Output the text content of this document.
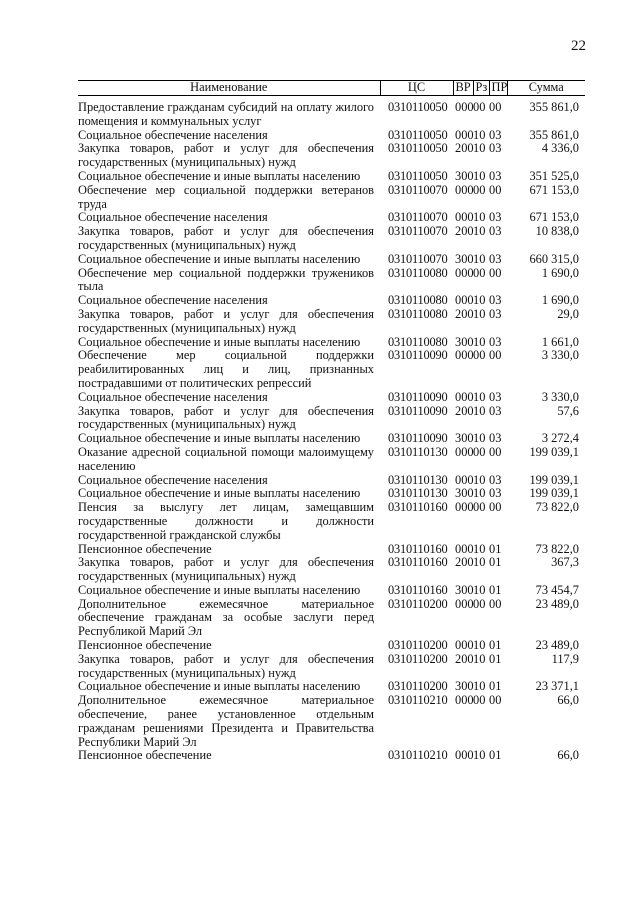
22
Наименование	ЦС	ВР	Рз	ПР	Сумма
Предоставление гражданам субсидий на оплату жилого помещения и коммунальных услуг	0310110050	000	00	00	355 861,0
Социальное обеспечение населения	0310110050	000	10	03	355 861,0
Закупка товаров, работ и услуг для обеспечения государственных (муниципальных) нужд	0310110050	200	10	03	4 336,0
Социальное обеспечение и иные выплаты населению	0310110050	300	10	03	351 525,0
Обеспечение мер социальной поддержки ветеранов труда	0310110070	000	00	00	671 153,0
Социальное обеспечение населения	0310110070	000	10	03	671 153,0
Закупка товаров, работ и услуг для обеспечения государственных (муниципальных) нужд	0310110070	200	10	03	10 838,0
Социальное обеспечение и иные выплаты населению	0310110070	300	10	03	660 315,0
Обеспечение мер социальной поддержки тружеников тыла	0310110080	000	00	00	1 690,0
Социальное обеспечение населения	0310110080	000	10	03	1 690,0
Закупка товаров, работ и услуг для обеспечения государственных (муниципальных) нужд	0310110080	200	10	03	29,0
Социальное обеспечение и иные выплаты населению	0310110080	300	10	03	1 661,0
Обеспечение мер социальной поддержки реабилитированных лиц и лиц, признанных пострадавшими от политических репрессий	0310110090	000	00	00	3 330,0
Социальное обеспечение населения	0310110090	000	10	03	3 330,0
Закупка товаров, работ и услуг для обеспечения государственных (муниципальных) нужд	0310110090	200	10	03	57,6
Социальное обеспечение и иные выплаты населению	0310110090	300	10	03	3 272,4
Оказание адресной социальной помощи малоимущему населению	0310110130	000	00	00	199 039,1
Социальное обеспечение населения	0310110130	000	10	03	199 039,1
Социальное обеспечение и иные выплаты населению	0310110130	300	10	03	199 039,1
Пенсия за выслугу лет лицам, замещавшим государственные должности и должности государственной гражданской службы	0310110160	000	00	00	73 822,0
Пенсионное обеспечение	0310110160	000	10	01	73 822,0
Закупка товаров, работ и услуг для обеспечения государственных (муниципальных) нужд	0310110160	200	10	01	367,3
Социальное обеспечение и иные выплаты населению	0310110160	300	10	01	73 454,7
Дополнительное ежемесячное материальное обеспечение гражданам за особые заслуги перед Республикой Марий Эл	0310110200	000	00	00	23 489,0
Пенсионное обеспечение	0310110200	000	10	01	23 489,0
Закупка товаров, работ и услуг для обеспечения государственных (муниципальных) нужд	0310110200	200	10	01	117,9
Социальное обеспечение и иные выплаты населению	0310110200	300	10	01	23 371,1
Дополнительное ежемесячное материальное обеспечение, ранее установленное отдельным гражданам решениями Президента и Правительства Республики Марий Эл	0310110210	000	00	00	66,0
Пенсионное обеспечение	0310110210	000	10	01	66,0
